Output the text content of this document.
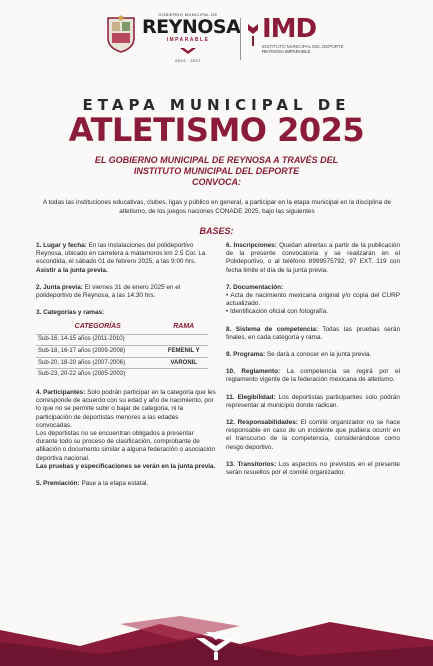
GOBIERNO MUNICIPAL DE
REYNOSA
IMPARABLE
2024 · 2027
IMD
INSTITUTO MUNICIPAL DEL DEPORTE
REYNOSA IMPARABLE
ETAPA MUNICIPAL DE
ATLETISMO 2025
EL GOBIERNO MUNICIPAL DE REYNOSA A TRAVÉS DEL
INSTITUTO MUNICIPAL DEL DEPORTE
CONVOCA:
A todas las instituciones educativas, clubes, ligas y público en general, a participar en la etapa municipal en la disciplina de atletismo, de los juegos naciones CONADE 2025, bajo las siguientes
BASES:
1. Lugar y fecha: En las instalaciones del polideportivo Reynosa, ubicado en carretera a matamoros km 2.5 Col. La escondida, el sábado 01 de febrero 2025, a las 9:00 hrs.
Asistir a la junta previa.
2. Junta previa: El viernes 31 de enero 2025 en el polideportivo de Reynosa, a las 14:30 hrs.
3. Categorías y ramas:
CATEGORÍAS	RAMA
Sub-16, 14-15 años (2011-2010)	
Sub-18, 16-17 años (2009-2008)	FEMENIL Y
Sub-20, 18-20 años (2007-2006)	VARONIL
Sub-23, 20-22 años (2005-2003)	
4. Participantes: Solo podrán participar en la categoria que les corresponde de acuerdo con su edad y año de nacimiento, por lo que no se permite subir o bajar de categoria, ni la participación de deportistas menores a las edades convocadas.
Los deportistas no se encuentran obligados a presentar durante todo su proceso de clasificación, comprobante de afiliación o documento similar a alguna federación o asociación deportiva nacional.
Las pruebas y especificaciones se verán en la junta previa.
5. Premiación: Pase a la etapa estatal.
6. Inscripciones: Quedan abiertas a partir de la publicación de la presente convocatoria y se realizarán en el Polideportivo, o al teléfono 8999575792, 97 EXT. 119 con fecha limite el día de la junta previa.
7. Documentación:
• Acta de nacimiento mexicana original y/o copia del CURP actualizado.
• Identificación oficial con fotografía.
8. Sistema de competencia: Todas las pruebas serán finales, en cada categoría y rama.
9. Programa: Se dará a conocer en la junta previa.
10. Reglamento: La competencia se regirá por el reglamento vigente de la federación mexicana de atletismo.
11. Elegibilidad: Los deportistas participantes solo podrán representar al municipio donde radican.
12. Responsabilidades: El comité organizador no se hace responsable en caso de un incidente que pudiera ocurrir en el transcurso de la competencia, considerándose como riesgo deportivo.
13. Transitorios: Los aspectos no previstos en el presente serán resueltos por el comité organizador.
